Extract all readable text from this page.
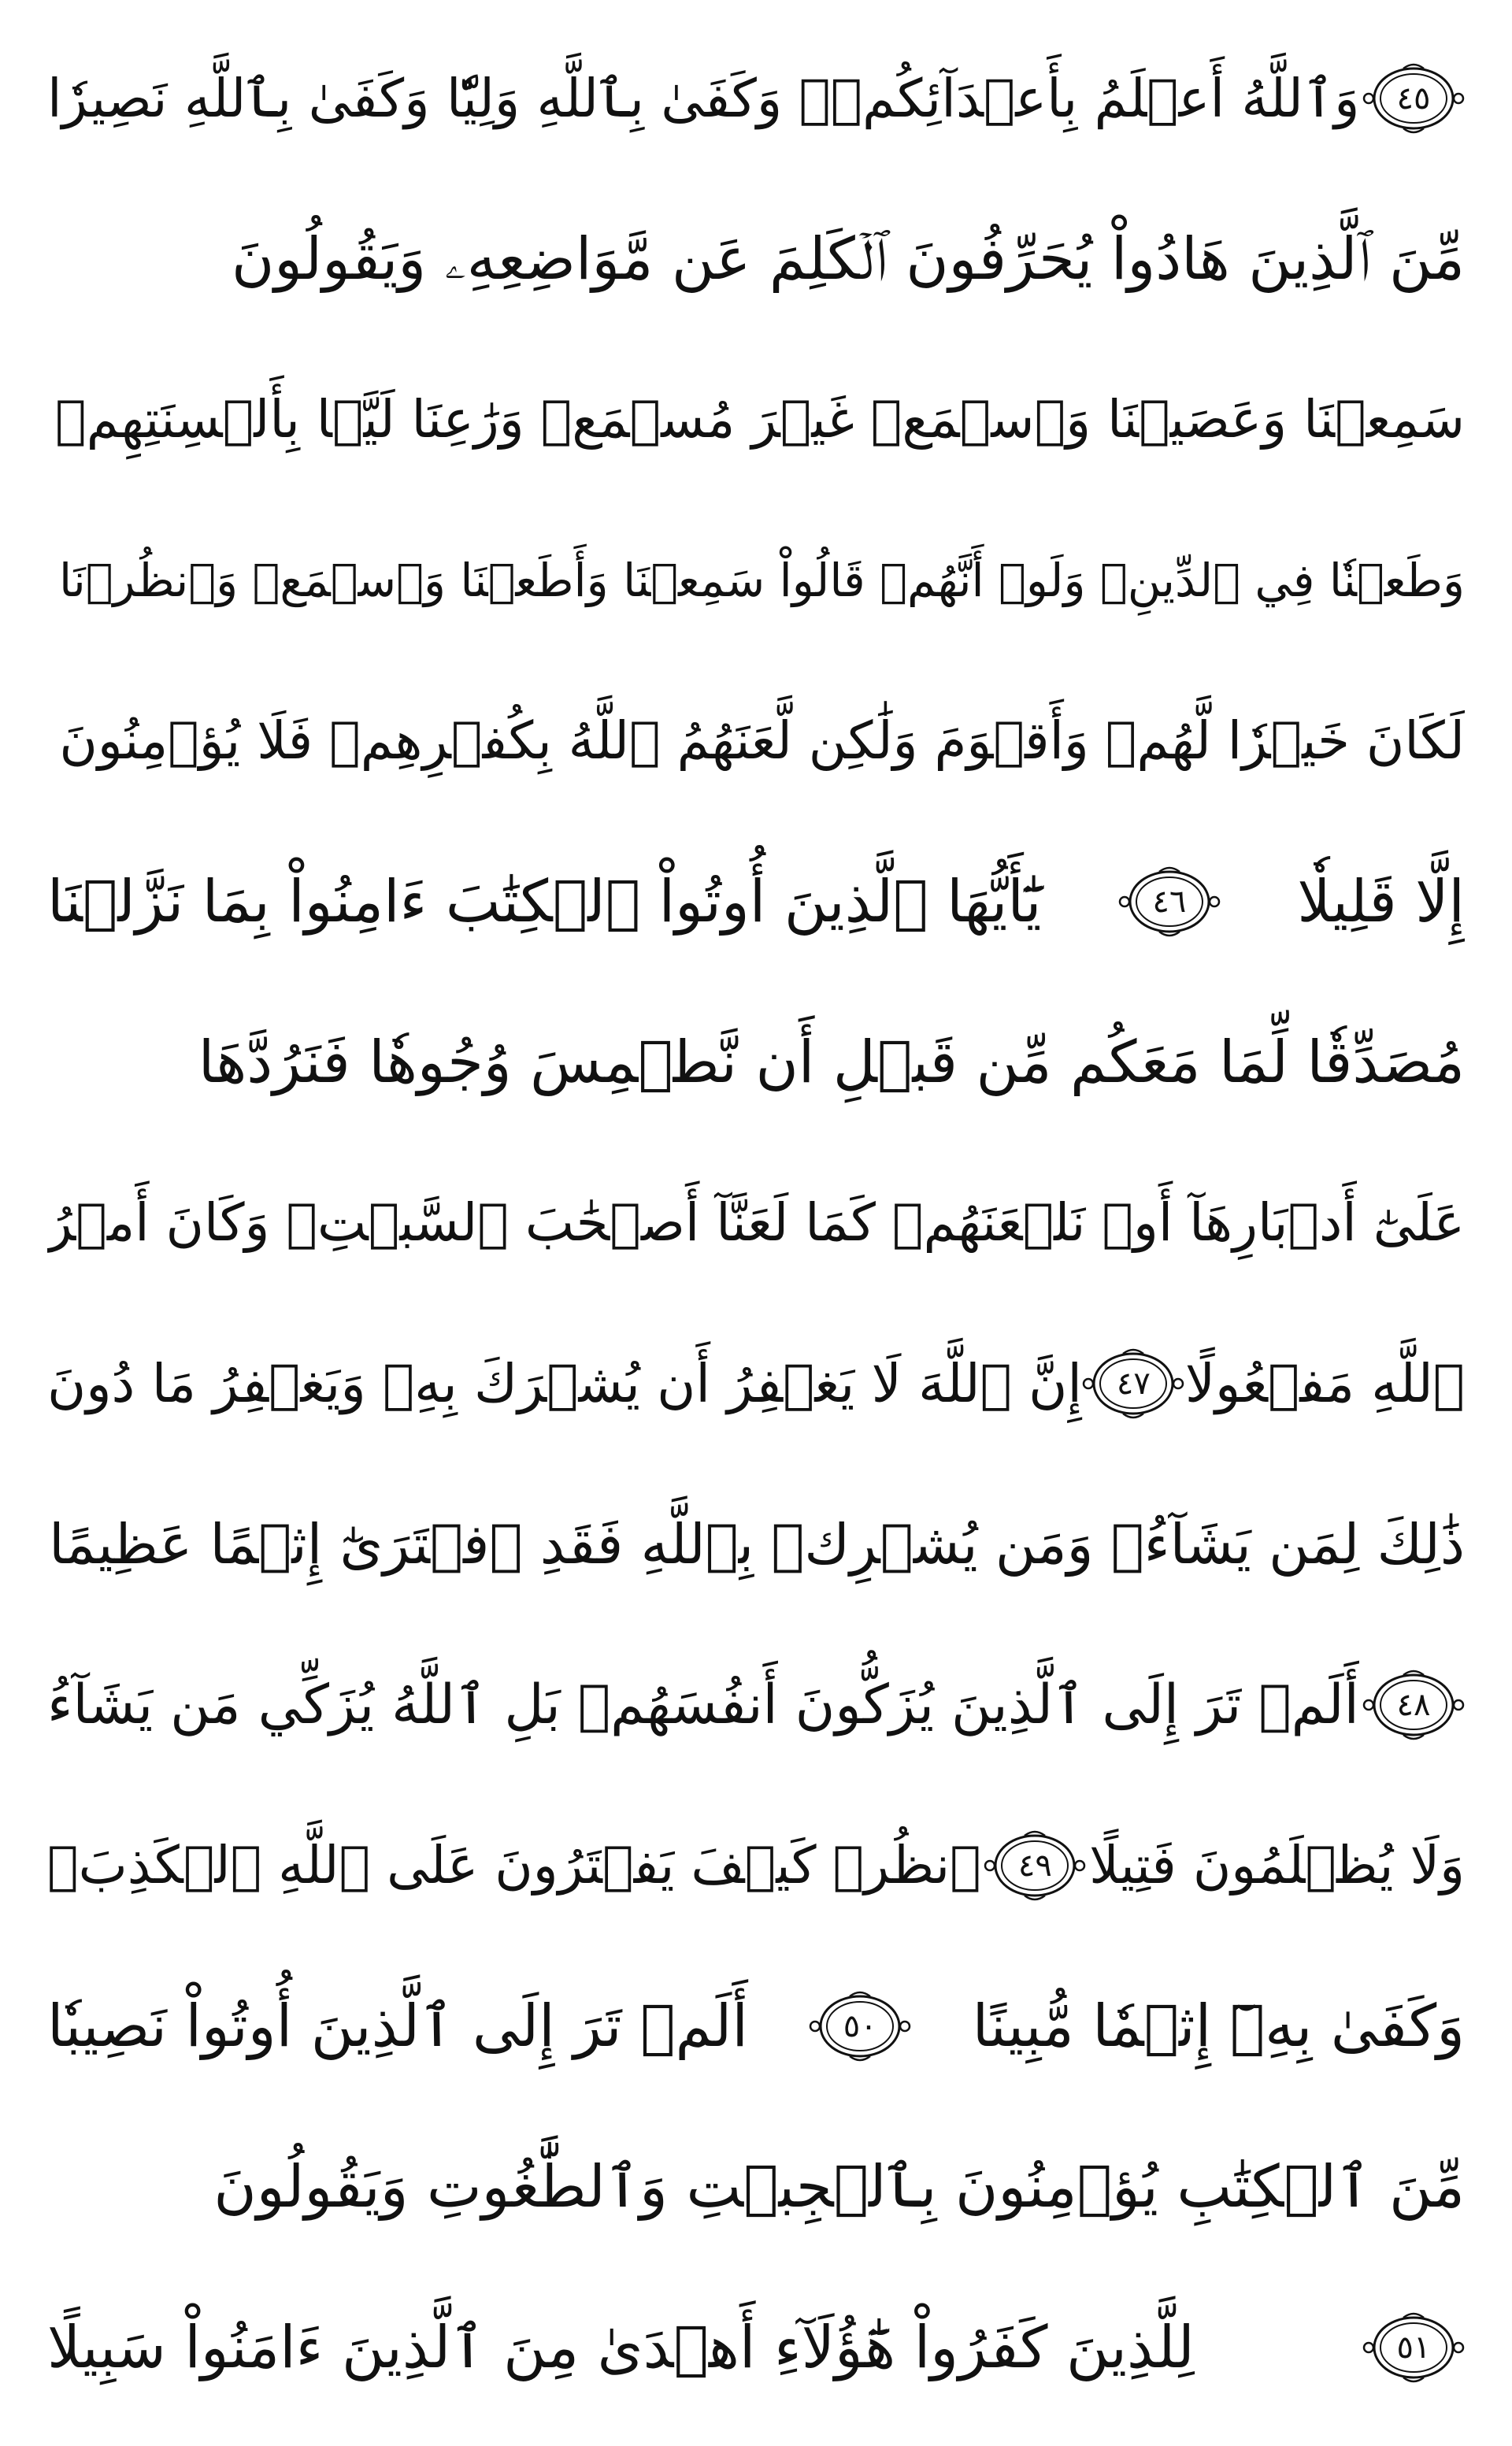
٤٥
وَٱللَّهُ أَعۡلَمُ بِأَعۡدَآئِكُمۡۚ وَكَفَىٰ بِٱللَّهِ وَلِيّٗا وَكَفَىٰ بِٱللَّهِ نَصِيرٗا
مِّنَ ٱلَّذِينَ هَادُواْ يُحَرِّفُونَ ٱلۡكَلِمَ عَن مَّوَاضِعِهِۦ وَيَقُولُونَ
سَمِعۡنَا وَعَصَيۡنَا وَٱسۡمَعۡ غَيۡرَ مُسۡمَعٖ وَرَٰعِنَا لَيَّۢا بِأَلۡسِنَتِهِمۡ
وَطَعۡنٗا فِي ٱلدِّينِۚ وَلَوۡ أَنَّهُمۡ قَالُواْ سَمِعۡنَا وَأَطَعۡنَا وَٱسۡمَعۡ وَٱنظُرۡنَا
لَكَانَ خَيۡرٗا لَّهُمۡ وَأَقۡوَمَ وَلَٰكِن لَّعَنَهُمُ ٱللَّهُ بِكُفۡرِهِمۡ فَلَا يُؤۡمِنُونَ
إِلَّا قَلِيلٗا
٤٦
يَٰٓأَيُّهَا ٱلَّذِينَ أُوتُواْ ٱلۡكِتَٰبَ ءَامِنُواْ بِمَا نَزَّلۡنَا
مُصَدِّقٗا لِّمَا مَعَكُم مِّن قَبۡلِ أَن نَّطۡمِسَ وُجُوهٗا فَنَرُدَّهَا
عَلَىٰٓ أَدۡبَارِهَآ أَوۡ نَلۡعَنَهُمۡ كَمَا لَعَنَّآ أَصۡحَٰبَ ٱلسَّبۡتِۚ وَكَانَ أَمۡرُ
ٱللَّهِ مَفۡعُولًا
٤٧
إِنَّ ٱللَّهَ لَا يَغۡفِرُ أَن يُشۡرَكَ بِهِۦ وَيَغۡفِرُ مَا دُونَ
ذَٰلِكَ لِمَن يَشَآءُۚ وَمَن يُشۡرِكۡ بِٱللَّهِ فَقَدِ ٱفۡتَرَىٰٓ إِثۡمًا عَظِيمًا
٤٨
أَلَمۡ تَرَ إِلَى ٱلَّذِينَ يُزَكُّونَ أَنفُسَهُمۚ بَلِ ٱللَّهُ يُزَكِّي مَن يَشَآءُ
وَلَا يُظۡلَمُونَ فَتِيلًا
٤٩
ٱنظُرۡ كَيۡفَ يَفۡتَرُونَ عَلَى ٱللَّهِ ٱلۡكَذِبَۖ
وَكَفَىٰ بِهِۦٓ إِثۡمٗا مُّبِينًا
٥٠
أَلَمۡ تَرَ إِلَى ٱلَّذِينَ أُوتُواْ نَصِيبٗا
مِّنَ ٱلۡكِتَٰبِ يُؤۡمِنُونَ بِٱلۡجِبۡتِ وَٱلطَّٰغُوتِ وَيَقُولُونَ
٥١
لِلَّذِينَ كَفَرُواْ هَٰٓؤُلَآءِ أَهۡدَىٰ مِنَ ٱلَّذِينَ ءَامَنُواْ سَبِيلًا
